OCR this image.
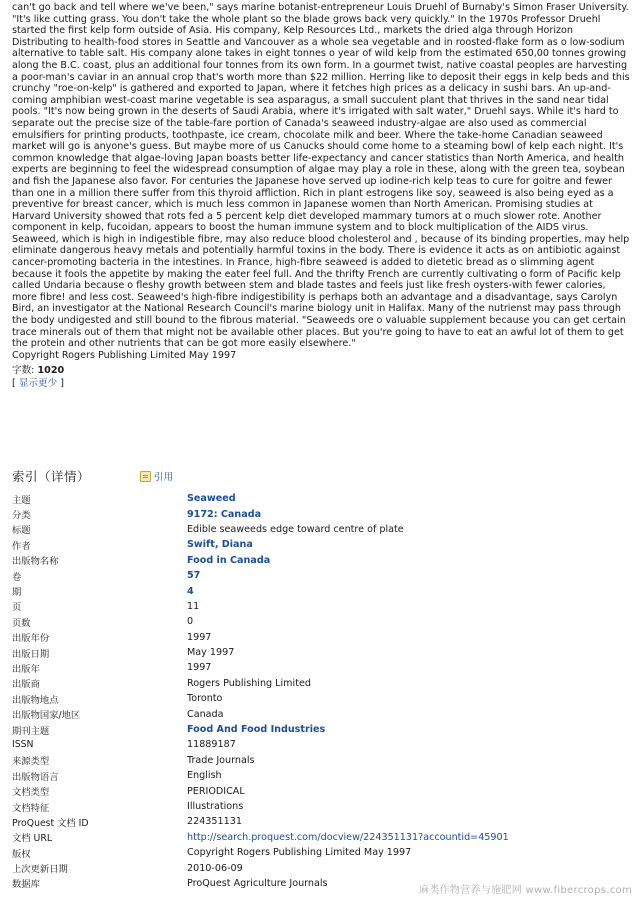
can't go back and tell where we've been," says marine botanist-entrepreneur Louis Druehl of Burnaby's Simon Fraser University. "It's like cutting grass. You don't take the whole plant so the blade grows back very quickly." In the 1970s Professor Druehl started the first kelp form outside of Asia. His company, Kelp Resources Ltd., markets the dried alga through Horizon Distributing to health-food stores in Seattle and Vancouver as a whole sea vegetable and in roosted-flake form as o low-sodium alternative to table salt. His company alone takes in eight tonnes o year of wild kelp from the estimated 650,00 tonnes growing along the B.C. coast, plus an additional four tonnes from its own form. In a gourmet twist, native coastal peoples are harvesting a poor-man's caviar in an annual crop that's worth more than $22 million. Herring like to deposit their eggs in kelp beds and this crunchy "roe-on-kelp" is gathered and exported to Japan, where it fetches high prices as a delicacy in sushi bars. An up-and-coming amphibian west-coast marine vegetable is sea asparagus, a small succulent plant that thrives in the sand near tidal pools. "It's now being grown in the deserts of Saudi Arabia, where it's irrigated with salt water," Druehl says. While it's hard to separate out the precise size of the table-fare portion of Canada's seaweed industry-algae are also used as commercial emulsifiers for printing products, toothpaste, ice cream, chocolate milk and beer. Where the take-home Canadian seaweed market will go is anyone's guess. But maybe more of us Canucks should come home to a steaming bowl of kelp each night. It's common knowledge that algae-loving Japan boasts better life-expectancy and cancer statistics than North America, and health experts are beginning to feel the widespread consumption of algae may play a role in these, along with the green tea, soybean and fish the Japanese also favor. For centuries the Japanese hove served up iodine-rich kelp teas to cure for goitre and fewer than one in a million there suffer from this thyroid affliction. Rich in plant estrogens like soy, seaweed is also being eyed as a preventive for breast cancer, which is much less common in Japanese women than North American. Promising studies at Harvard University showed that rots fed a 5 percent kelp diet developed mammary tumors at o much slower rote. Another component in kelp, fucoidan, appears to boost the human immune system and to block multiplication of the AIDS virus. Seaweed, which is high in indigestible fibre, may also reduce blood cholesterol and , because of its binding properties, may help eliminate dangerous heavy metals and potentially harmful toxins in the body. There is evidence it acts as on antibiotic against cancer-promoting bacteria in the intestines. In France, high-fibre seaweed is added to dietetic bread as o slimming agent because it fools the appetite by making the eater feel full. And the thrifty French are currently cultivating o form of Pacific kelp called Undaria because o fleshy growth between stem and blade tastes and feels just like fresh oysters-with fewer calories, more fibre! and less cost. Seaweed's high-fibre indigestibility is perhaps both an advantage and a disadvantage, says Carolyn Bird, an investigator at the National Research Council's marine biology unit in Halifax. Many of the nutrienst may pass through the body undigested and still bound to the fibrous material. "Seaweeds ore o valuable supplement because you can get certain trace minerals out of them that might not be available other places. But you're going to have to eat an awful lot of them to get the protein and other nutrients that can be got more easily elsewhere."

Copyright Rogers Publishing Limited May 1997

字数: 1020
[ 显示更少 ]
索引（详情）	引用
主题	Seaweed
分类	9172: Canada
标题	Edible seaweeds edge toward centre of plate
作者	Swift, Diana
出版物名称	Food in Canada
卷	57
期	4
页	11
页数	0
出版年份	1997
出版日期	May 1997
出版年	1997
出版商	Rogers Publishing Limited
出版物地点	Toronto
出版物国家/地区	Canada
期刊主题	Food And Food Industries
ISSN	11889187
来源类型	Trade Journals
出版物语言	English
文档类型	PERIODICAL
文档特征	Illustrations
ProQuest 文档 ID	224351131
文档 URL	http://search.proquest.com/docview/224351131?accountid=45901
版权	Copyright Rogers Publishing Limited May 1997
上次更新日期	2010-06-09
数据库	ProQuest Agriculture Journals
麻类作物营养与施肥网 www.fibercrops.com
